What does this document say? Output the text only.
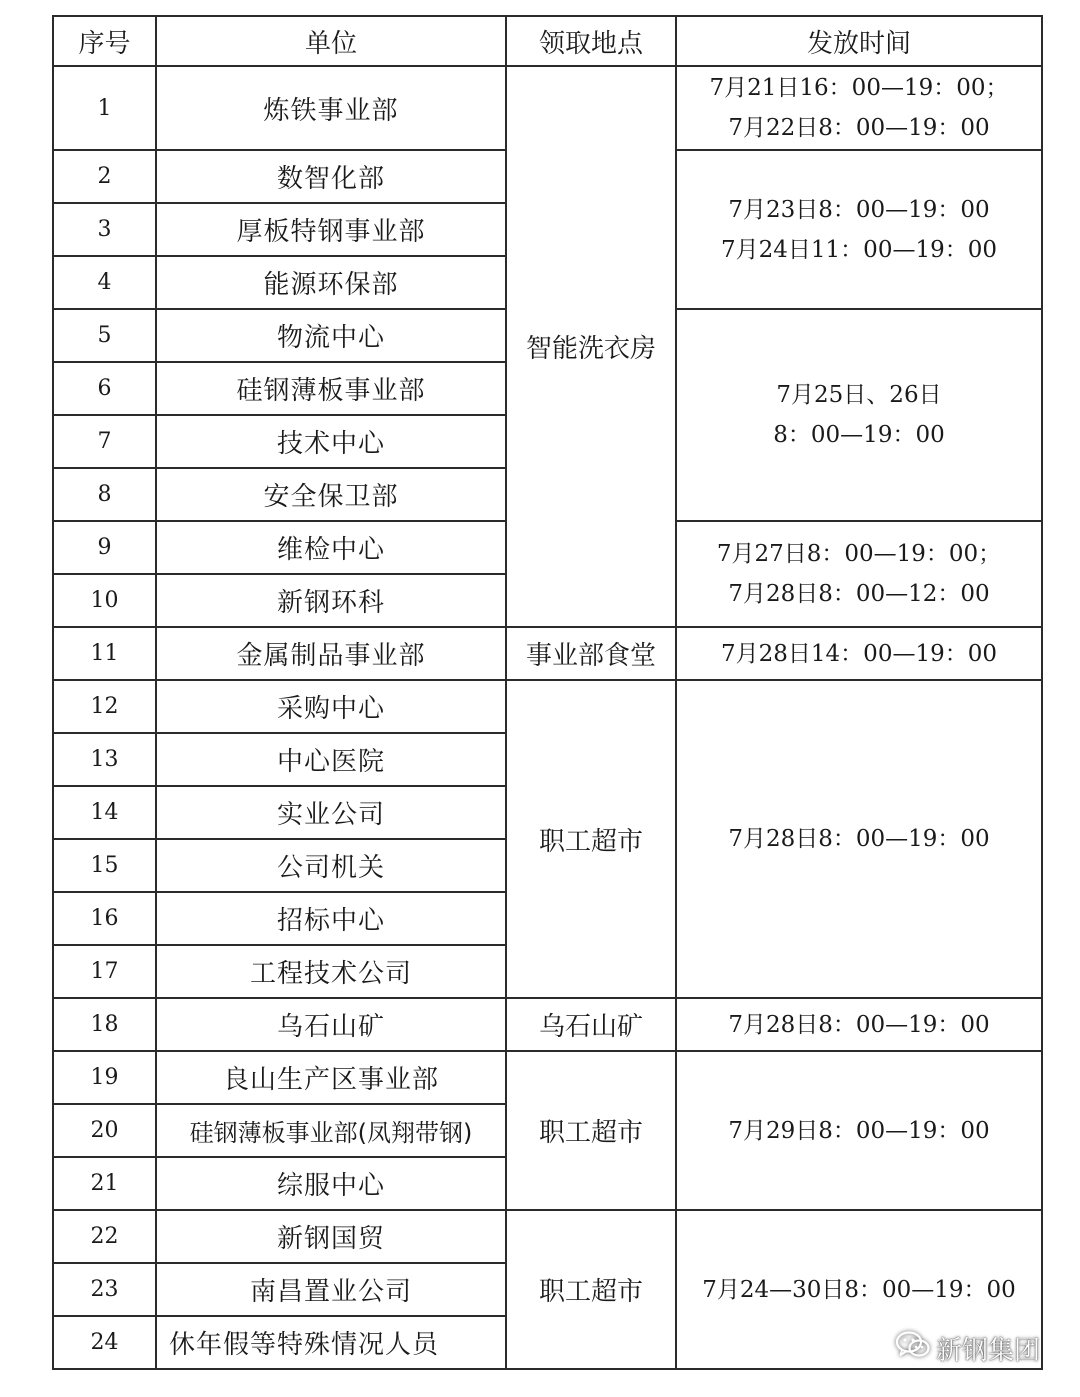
序号	单位	领取地点	发放时间
1	炼铁事业部	智能洗衣房	7月21日16：00—19：00；
7月22日8：00—19：00

2	数智化部		7月23日8：00—19：00
7月24日11：00—19：00

3	厚板特钢事业部		
4	能源环保部		
5	物流中心		7月25日、26日
8：00—19：00

6	硅钢薄板事业部		
7	技术中心		
8	安全保卫部		
9	维检中心		7月27日8：00—19：00；
7月28日8：00—12：00

10	新钢环科		
11	金属制品事业部	事业部食堂	7月28日14：00—19：00

12	采购中心	职工超市	7月28日8：00—19：00

13	中心医院		
14	实业公司		
15	公司机关		
16	招标中心		
17	工程技术公司		
18	乌石山矿	乌石山矿	7月28日8：00—19：00

19	良山生产区事业部	职工超市	7月29日8：00—19：00

20	硅钢薄板事业部(凤翔带钢)		
21	综服中心		
22	新钢国贸	职工超市	7月24—30日8：00—19：00

23	南昌置业公司		
24	休年假等特殊情况人员			新钢集团
